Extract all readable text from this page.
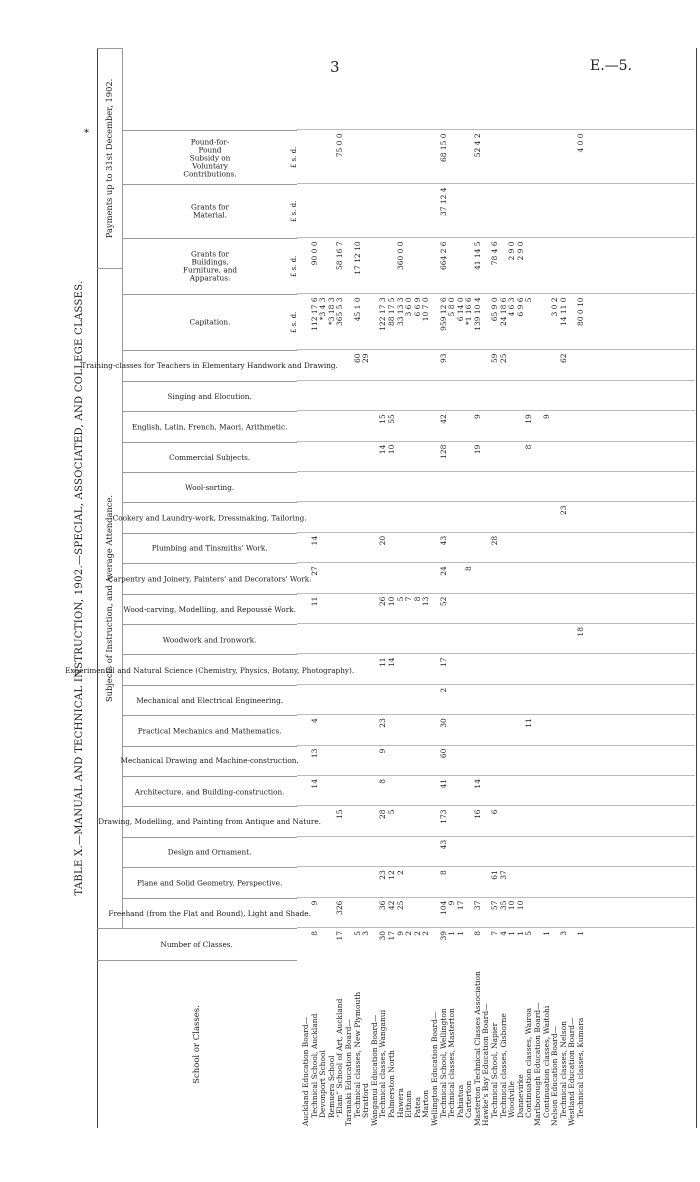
3	E.—5.
*
TABLE X.—MANUAL AND TECHNICAL INSTRUCTION, 1902.—SPECIAL, ASSOCIATED, AND COLLEGE CLASSES.
School or Classes.
Subjects of Instruction, and Average Attendance.
Payments up to 31st December, 1902.
Number of Classes.
Freehand (from the Flat and Round), Light and Shade.
Plane and Solid Geometry, Perspective.
Design and Ornament.
Drawing, Modelling, and Painting from Antique and Nature.
Architecture, and Building-construction.
Mechanical Drawing and Machine-construction.
Practical Mechanics and Mathematics.
Mechanical and Electrical Engineering.
Experimental and Natural Science (Chemistry, Physics, Botany, Photography).
Woodwork and Ironwork.
Wood-carving, Modelling, and Repoussé Work.
Carpentry and Joinery, Painters' and Decorators' Work.
Plumbing and Tinsmiths' Work.
Cookery and Laundry-work, Dressmaking, Tailoring.
Wool-sorting.
Commercial Subjects.
English, Latin, French, Maori, Arithmetic.
Singing and Elocution.
Training-classes for Teachers in Elementary Handwork and Drawing.
Capitation.
Grants for Buildings, Furniture, and Apparatus.
Grants for Material.
Pound-for-Pound Subsidy on Voluntary Contributions.
Auckland Education Board— Technical School, Auckland
8
9
14
13
4
11
27
14
112 17 6
90 0 0
Devonport School
*3 4 3
Remuera School
*3 18 3
“Elam” School of Art, Auckland
17
326
15
365 5 3
58 16 7
75 0 0
Taranaki Education Board— Technical classes, New Plymouth
5
60
45 1 0
17 12 10
Stratford
3
29
Wanganui Education Board— Technical classes, Wanganui
30
36
23
28
8
9
23
11
26
20
14
15
122 17 3
Palmerston North
17
42
12
5
14
10
10
55
88 17 5
Hawera
9
25
2
5
33 13 3
360 0 0
Eltham
2
7
3 6 0
Patea
2
8
6 6 9
Marton
2
13
10 7 0
Wellington Education Board— Technical School, Wellington
39
104
8
43
173
41
60
30
2
17
52
24
43
128
42
93
959 12 6
664 2 6
37 12 4
68 15 0
Technical classes, Masterton
1
9
5 8 0
Pahiatua
1
17
6 14 0
Carterton
8
*1 16 6
Masterton Technical Classes Association
8
37
16
14
19
9
139 10 4
41 14 5
52 4 2
Hawke's Bay Education Board— Technical School, Napier
7
57
61
6
28
59
65 9 0
78 4 6
Technical classes, Gisborne
4
35
37
25
24 18 6
Woodville
1
10
4 6 3
2 9 0
Dannevirke
1
10
6 9 6
2 9 0
Continuation classes, Wairoa
5
11
8
19
5
Marlborough Education Board— Continuation classes, Waitohi
1
9
Nelson Education Board—
3 0 2
Technical classes, Nelson
3
23
62
14 11 0
Westland Education Board— Technical classes, Kumara
1
18
80 0 10
4 0 0
£ s. d.
£ s. d.
£ s. d.
£ s. d.
